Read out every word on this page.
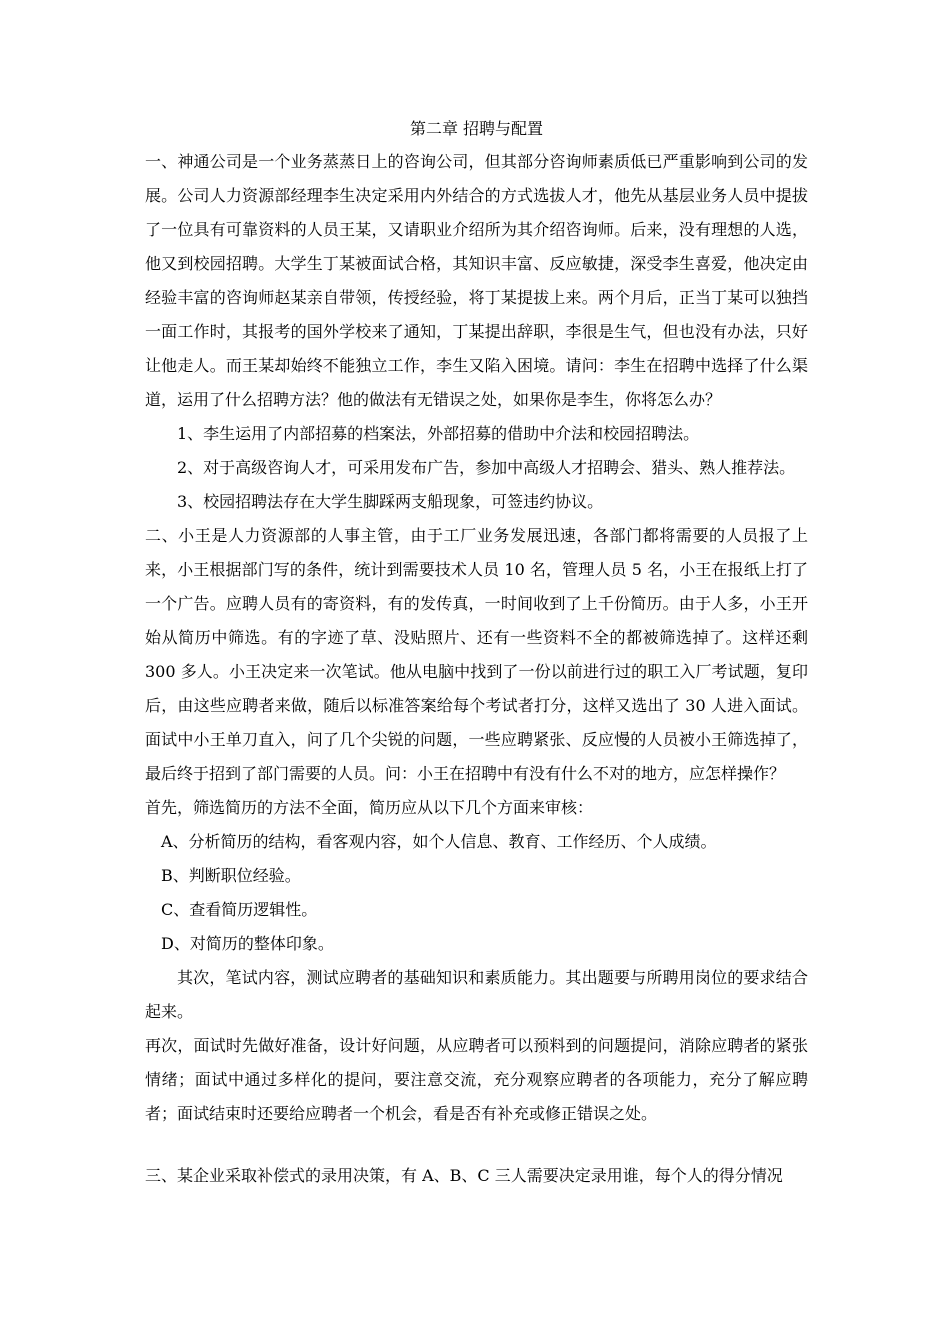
第二章 招聘与配置

一、神通公司是一个业务蒸蒸日上的咨询公司，但其部分咨询师素质低已严重影响到公司的发展。公司人力资源部经理李生决定采用内外结合的方式选拔人才，他先从基层业务人员中提拔了一位具有可靠资料的人员王某，又请职业介绍所为其介绍咨询师。后来，没有理想的人选，他又到校园招聘。大学生丁某被面试合格，其知识丰富、反应敏捷，深受李生喜爱，他决定由经验丰富的咨询师赵某亲自带领，传授经验，将丁某提拔上来。两个月后，正当丁某可以独挡一面工作时，其报考的国外学校来了通知，丁某提出辞职，李很是生气，但也没有办法，只好让他走人。而王某却始终不能独立工作，李生又陷入困境。请问：李生在招聘中选择了什么渠道，运用了什么招聘方法？他的做法有无错误之处，如果你是李生，你将怎么办？

1、李生运用了内部招募的档案法，外部招募的借助中介法和校园招聘法。

2、对于高级咨询人才，可采用发布广告，参加中高级人才招聘会、猎头、熟人推荐法。

3、校园招聘法存在大学生脚踩两支船现象，可签违约协议。

二、小王是人力资源部的人事主管，由于工厂业务发展迅速，各部门都将需要的人员报了上来，小王根据部门写的条件，统计到需要技术人员 10 名，管理人员 5 名，小王在报纸上打了一个广告。应聘人员有的寄资料，有的发传真，一时间收到了上千份简历。由于人多，小王开始从简历中筛选。有的字迹了草、没贴照片、还有一些资料不全的都被筛选掉了。这样还剩 300 多人。小王决定来一次笔试。他从电脑中找到了一份以前进行过的职工入厂考试题，复印后，由这些应聘者来做，随后以标准答案给每个考试者打分，这样又选出了 30 人进入面试。面试中小王单刀直入，问了几个尖锐的问题，一些应聘紧张、反应慢的人员被小王筛选掉了，最后终于招到了部门需要的人员。问：小王在招聘中有没有什么不对的地方，应怎样操作？

首先，筛选简历的方法不全面，简历应从以下几个方面来审核：

A、分析简历的结构，看客观内容，如个人信息、教育、工作经历、个人成绩。

B、判断职位经验。

C、查看简历逻辑性。

D、对简历的整体印象。

其次，笔试内容，测试应聘者的基础知识和素质能力。其出题要与所聘用岗位的要求结合起来。

再次，面试时先做好准备，设计好问题，从应聘者可以预料到的问题提问，消除应聘者的紧张情绪；面试中通过多样化的提问，要注意交流，充分观察应聘者的各项能力，充分了解应聘者；面试结束时还要给应聘者一个机会，看是否有补充或修正错误之处。

三、某企业采取补偿式的录用决策，有 A、B、C 三人需要决定录用谁，每个人的得分情况
